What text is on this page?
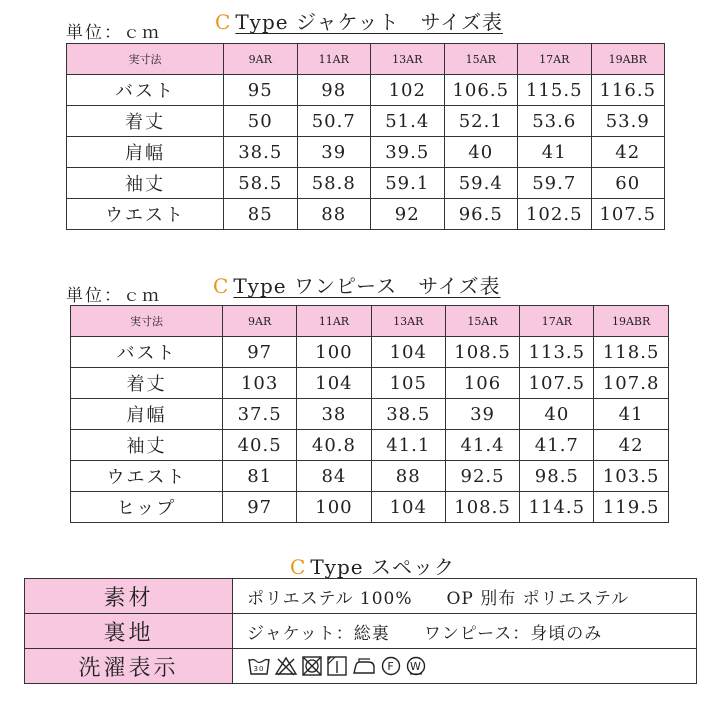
C Type ジャケット　サイズ表
単位：ｃｍ
実寸法	9AR	11AR	13AR	15AR	17AR	19ABR
バスト	95	98	102	106.5	115.5	116.5
着丈	50	50.7	51.4	52.1	53.6	53.9
肩幅	38.5	39	39.5	40	41	42
袖丈	58.5	58.8	59.1	59.4	59.7	60
ウエスト	85	88	92	96.5	102.5	107.5
C Type ワンピース　サイズ表
単位：ｃｍ
実寸法	9AR	11AR	13AR	15AR	17AR	19ABR
バスト	97	100	104	108.5	113.5	118.5
着丈	103	104	105	106	107.5	107.8
肩幅	37.5	38	38.5	39	40	41
袖丈	40.5	40.8	41.1	41.4	41.7	42
ウエスト	81	84	88	92.5	98.5	103.5
ヒップ	97	100	104	108.5	114.5	119.5
C Type スペック
素材	ポリエステル 100% OP 別布 ポリエステル
裏地	ジャケット：総裏 ワンピース：身頃のみ
洗濯表示	30 F W
